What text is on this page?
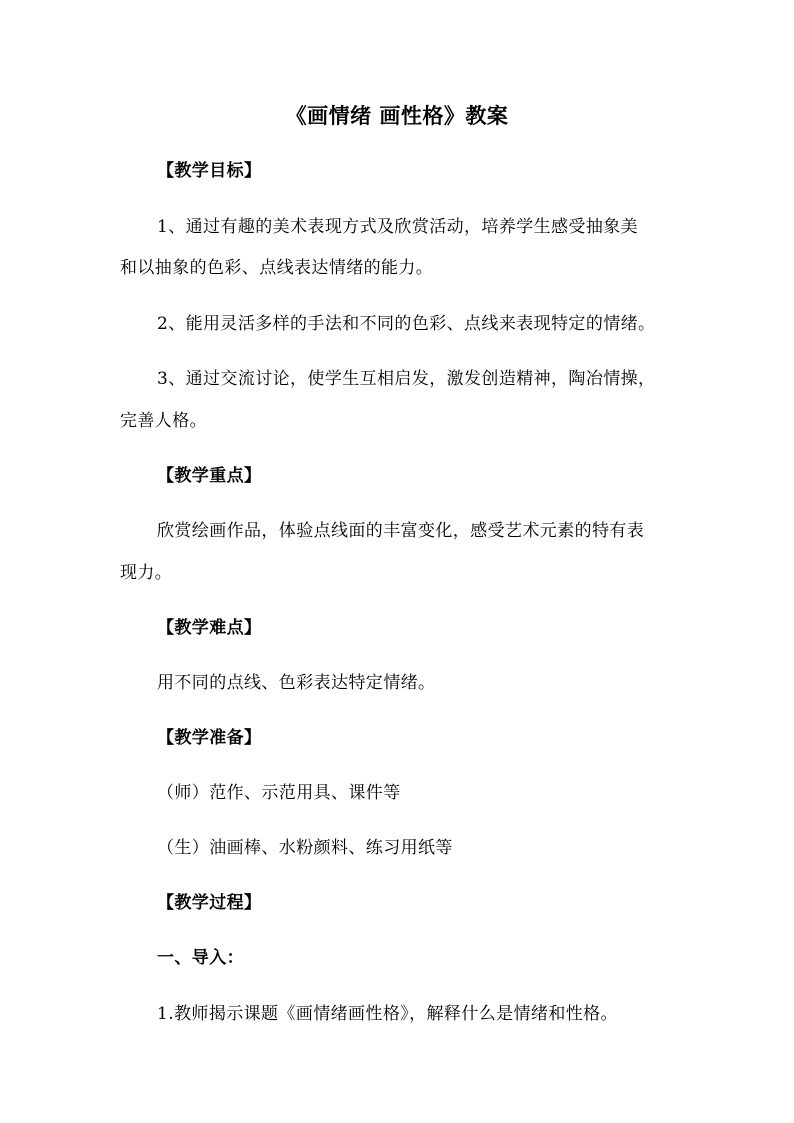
《画情绪 画性格》教案
【教学目标】
1、通过有趣的美术表现方式及欣赏活动，培养学生感受抽象美
和以抽象的色彩、点线表达情绪的能力。
2、能用灵活多样的手法和不同的色彩、点线来表现特定的情绪。
3、通过交流讨论，使学生互相启发，激发创造精神，陶冶情操，
完善人格。
【教学重点】
欣赏绘画作品，体验点线面的丰富变化，感受艺术元素的特有表
现力。
【教学难点】
用不同的点线、色彩表达特定情绪。
【教学准备】
（师）范作、示范用具、课件等
（生）油画棒、水粉颜料、练习用纸等
【教学过程】
一、导入：
1.教师揭示课题《画情绪画性格》，解释什么是情绪和性格。
